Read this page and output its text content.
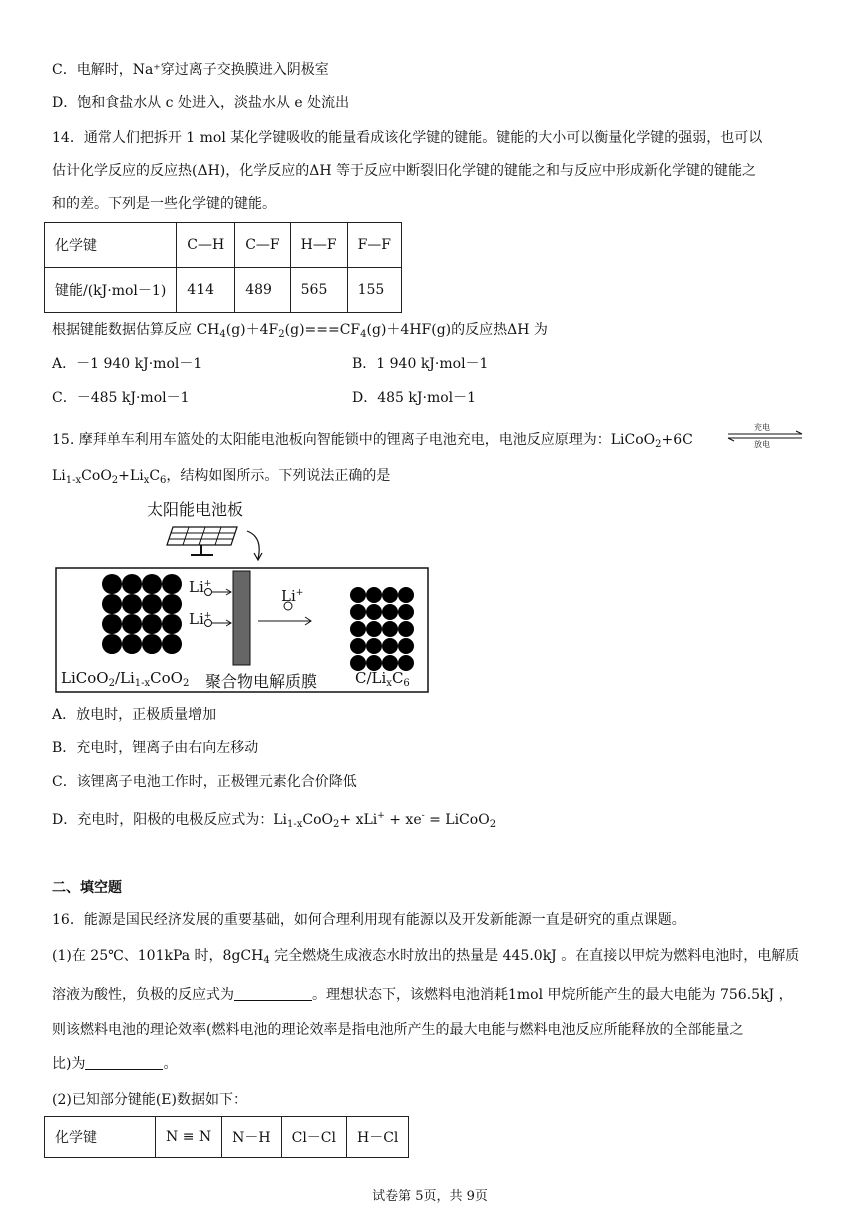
C．电解时，Na⁺穿过离子交换膜进入阴极室
D．饱和食盐水从 c 处进入，淡盐水从 e 处流出
14．通常人们把拆开 1 mol 某化学键吸收的能量看成该化学键的键能。键能的大小可以衡量化学键的强弱，也可以
估计化学反应的反应热(ΔH)，化学反应的ΔH 等于反应中断裂旧化学键的键能之和与反应中形成新化学键的键能之
和的差。下列是一些化学键的键能。
化学键	C—H	C—F	H—F	F—F
键能/(kJ·mol－1)	414	489	565	155
根据键能数据估算反应 $CH_4(g)+4F_2(g)===CF_4(g)+4HF(g)$的反应热ΔH 为
A．－1 940 kJ·mol－1	B．1 940 kJ·mol－1
C．－485 kJ·mol－1	D．485 kJ·mol－1
15. 摩拜单车利用车篮处的太阳能电池板向智能锁中的锂离子电池充电，电池反应原理为：LiCoO$_2$+6C
充电
放电
$Li_{1-x}CoO_2+Li_xC_6$，结构如图所示。下列说法正确的是
太阳能电池板
Li+
Li+
Li+
$LiCoO_2/Li_{1-x}CoO_2$ 聚合物电解质膜	$C/Li_xC_6$
A．放电时，正极质量增加
B．充电时，锂离子由右向左移动
C．该锂离子电池工作时，正极锂元素化合价降低
D．充电时，阳极的电极反应式为：$Li_{1-x}CoO_2+ xLi^+ + xe^-$ = LiCoO$_2$
二、填空题
16．能源是国民经济发展的重要基础，如何合理利用现有能源以及开发新能源一直是研究的重点课题。
(1)在 25℃、101kPa 时，8gCH$_4$ 完全燃烧生成液态水时放出的热量是 445.0kJ 。在直接以甲烷为燃料电池时，电解质
溶液为酸性，负极的反应式为	。理想状态下，该燃料电池消耗1mol 甲烷所能产生的最大电能为 756.5kJ ，
则该燃料电池的理论效率(燃料电池的理论效率是指电池所产生的最大电能与燃料电池反应所能释放的全部能量之
比)为	。
(2)已知部分键能(E)数据如下：
化学键	N ≡ N	N－H	Cl－Cl	H－Cl
试卷第 5页，共 9页
